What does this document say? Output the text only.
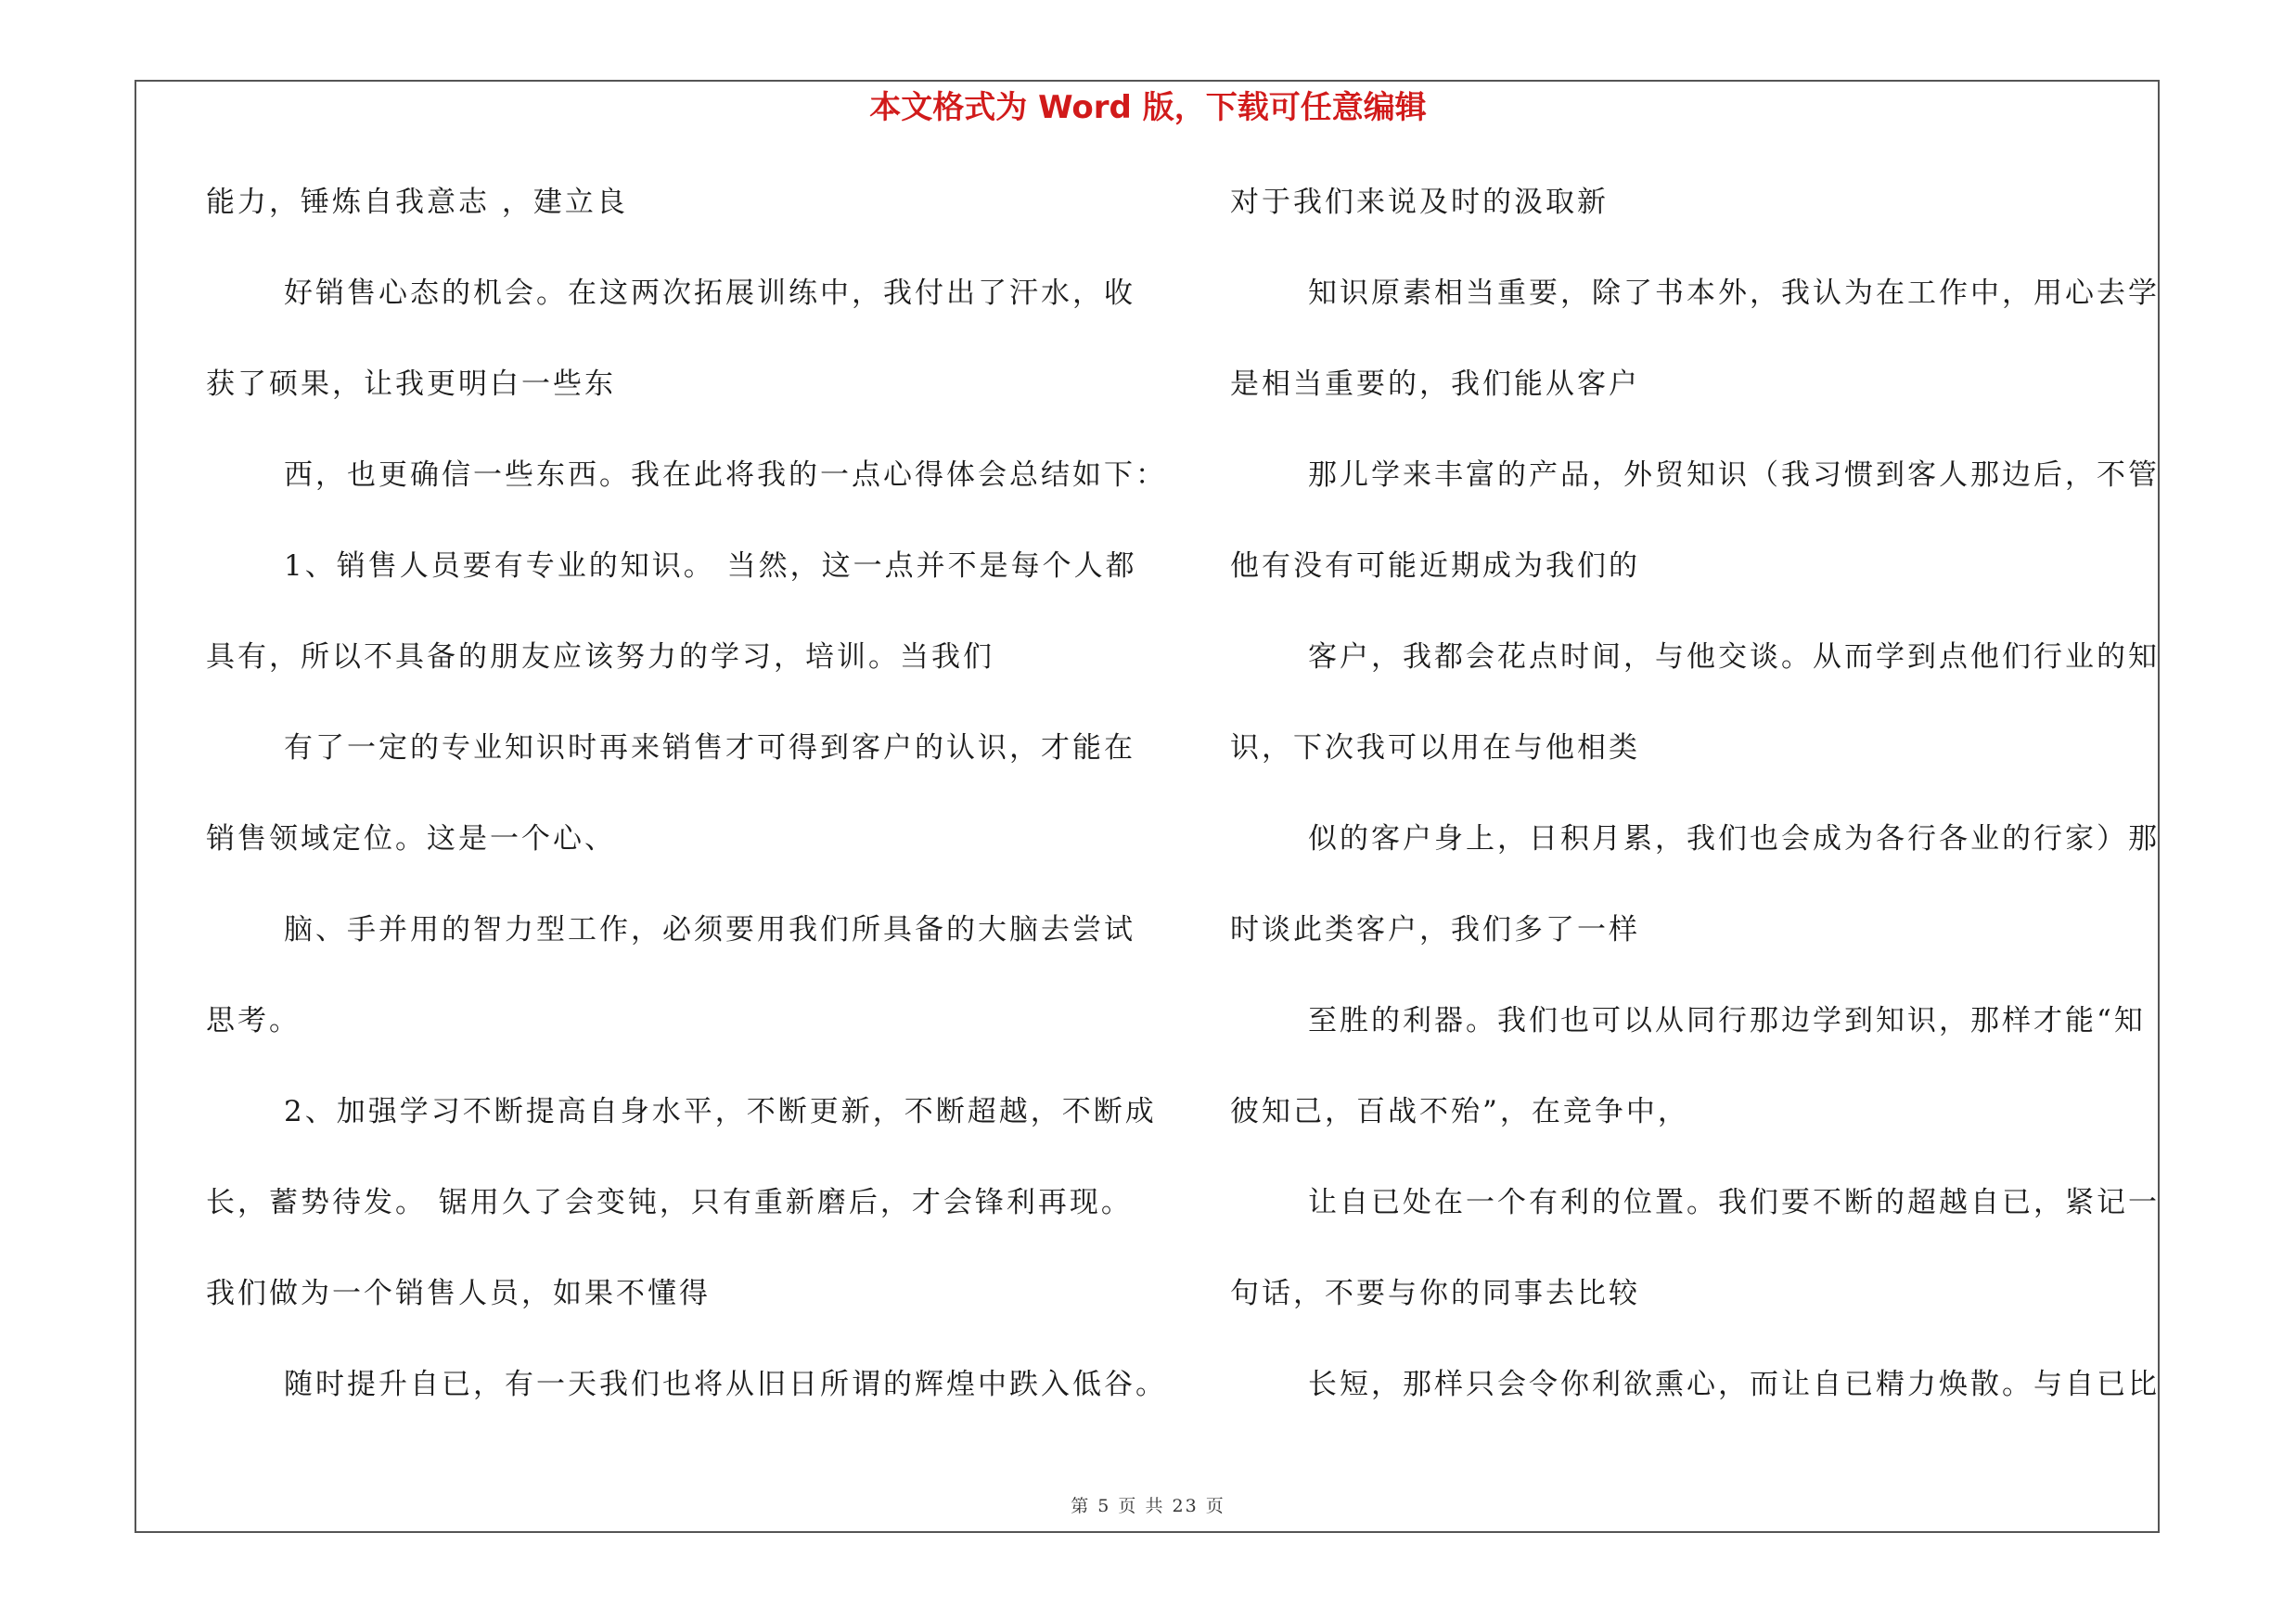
本文格式为 Word 版，下载可任意编辑
能力，锤炼自我意志 ，建立良
好销售心态的机会。在这两次拓展训练中，我付出了汗水，收
获了硕果，让我更明白一些东
西，也更确信一些东西。我在此将我的一点心得体会总结如下：
1、销售人员要有专业的知识。 当然，这一点并不是每个人都
具有，所以不具备的朋友应该努力的学习，培训。当我们
有了一定的专业知识时再来销售才可得到客户的认识，才能在
销售领域定位。这是一个心、
脑、手并用的智力型工作，必须要用我们所具备的大脑去尝试
思考。
2、加强学习不断提高自身水平，不断更新，不断超越，不断成
长，蓄势待发。 锯用久了会变钝，只有重新磨后，才会锋利再现。
我们做为一个销售人员，如果不懂得
随时提升自已，有一天我们也将从旧日所谓的辉煌中跌入低谷。
对于我们来说及时的汲取新
知识原素相当重要，除了书本外，我认为在工作中，用心去学
是相当重要的，我们能从客户
那儿学来丰富的产品，外贸知识（我习惯到客人那边后，不管
他有没有可能近期成为我们的
客户，我都会花点时间，与他交谈。从而学到点他们行业的知
识，下次我可以用在与他相类
似的客户身上，日积月累，我们也会成为各行各业的行家）那
时谈此类客户，我们多了一样
至胜的利器。我们也可以从同行那边学到知识，那样才能“知
彼知己，百战不殆”，在竞争中，
让自已处在一个有利的位置。我们要不断的超越自已，紧记一
句话，不要与你的同事去比较
长短，那样只会令你利欲熏心，而让自已精力焕散。与自已比
第 5 页 共 23 页
